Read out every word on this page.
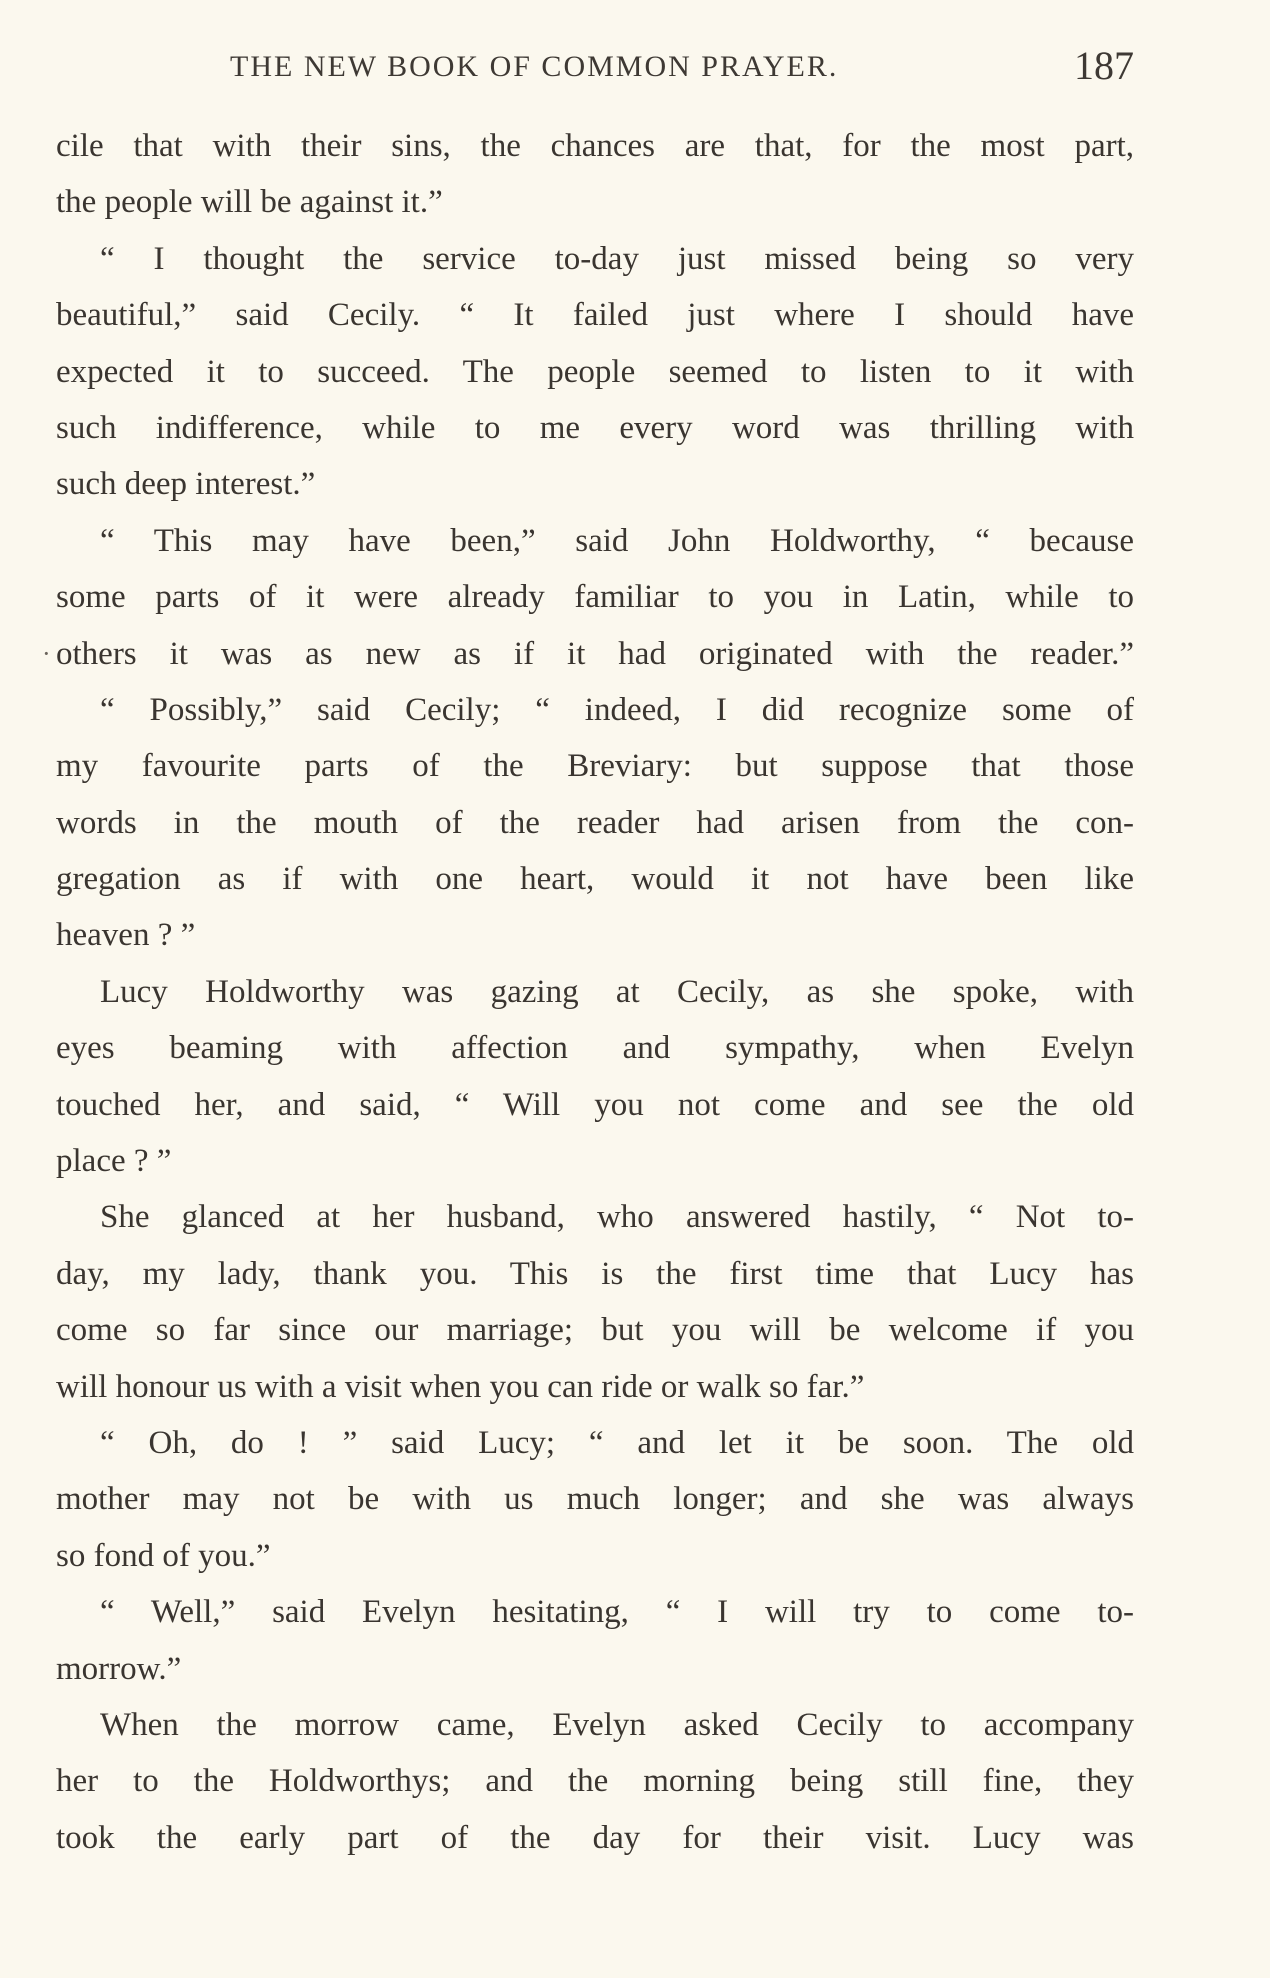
THE NEW BOOK OF COMMON PRAYER.	187
cile that with their sins, the chances are that, for the most part,
the people will be against it.”
“ I thought the service to-day just missed being so very
beautiful,” said Cecily. “ It failed just where I should have
expected it to succeed. The people seemed to listen to it with
such indifference, while to me every word was thrilling with
such deep interest.”
“ This may have been,” said John Holdworthy, “ because
some parts of it were already familiar to you in Latin, while to
· others it was as new as if it had originated with the reader.”
“ Possibly,” said Cecily; “ indeed, I did recognize some of
my favourite parts of the Breviary: but suppose that those
words in the mouth of the reader had arisen from the con-
gregation as if with one heart, would it not have been like
heaven ? ”
Lucy Holdworthy was gazing at Cecily, as she spoke, with
eyes beaming with affection and sympathy, when Evelyn
touched her, and said, “ Will you not come and see the old
place ? ”
She glanced at her husband, who answered hastily, “ Not to-
day, my lady, thank you. This is the first time that Lucy has
come so far since our marriage; but you will be welcome if you
will honour us with a visit when you can ride or walk so far.”
“ Oh, do ! ” said Lucy; “ and let it be soon. The old
mother may not be with us much longer; and she was always
so fond of you.”
“ Well,” said Evelyn hesitating, “ I will try to come to-
morrow.”
When the morrow came, Evelyn asked Cecily to accompany
her to the Holdworthys; and the morning being still fine, they
took the early part of the day for their visit. Lucy was
